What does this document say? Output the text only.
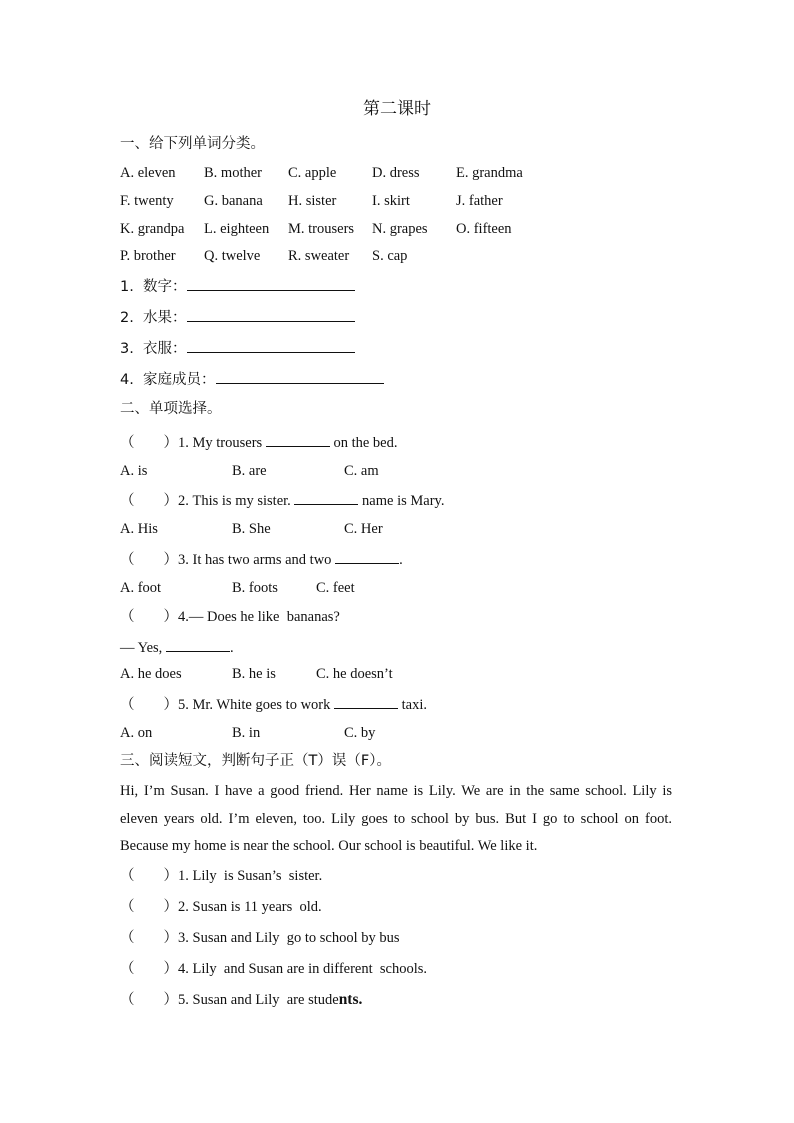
第二课时
一、给下列单词分类。
A. eleven B. mother C. apple D. dress	E. grandma
F. twenty G. banana H. sister I. skirt	J. father
K. grandpa L. eighteen M. trousers N. grapes O. fifteen
P. brother Q. twelve R. sweater S. cap
1.  数字：
2.  水果：
3.  衣服：
4.  家庭成员：
二、单项选择。
（        ）1. My trousers	on the bed.
A. is	B. are	C. am
（        ）2. This is my sister.	name is Mary.
A. His	B. She	C. Her
（        ）3. It has two arms and two	.
A. foot	B. foots	C. feet
（        ）4.— Does he like  bananas?
— Yes,	.
A. he does	B. he is	C. he doesn’t
（        ）5. Mr. White goes to work	taxi.
A. on	B. in	C. by
三、阅读短文，判断句子正（T）误（F）。
Hi, I’m Susan. I have a good friend. Her name is Lily. We are in the same school. Lily is eleven years old. I’m eleven, too. Lily goes to school by bus. But I go to school on foot. Because my home is near the school. Our school is beautiful. We like it.
（        ）1. Lily  is Susan’s  sister.
（        ）2. Susan is 11 years  old.
（        ）3. Susan and Lily  go to school by bus
（        ）4. Lily  and Susan are in different  schools.
（        ）5. Susan and Lily  are students.
